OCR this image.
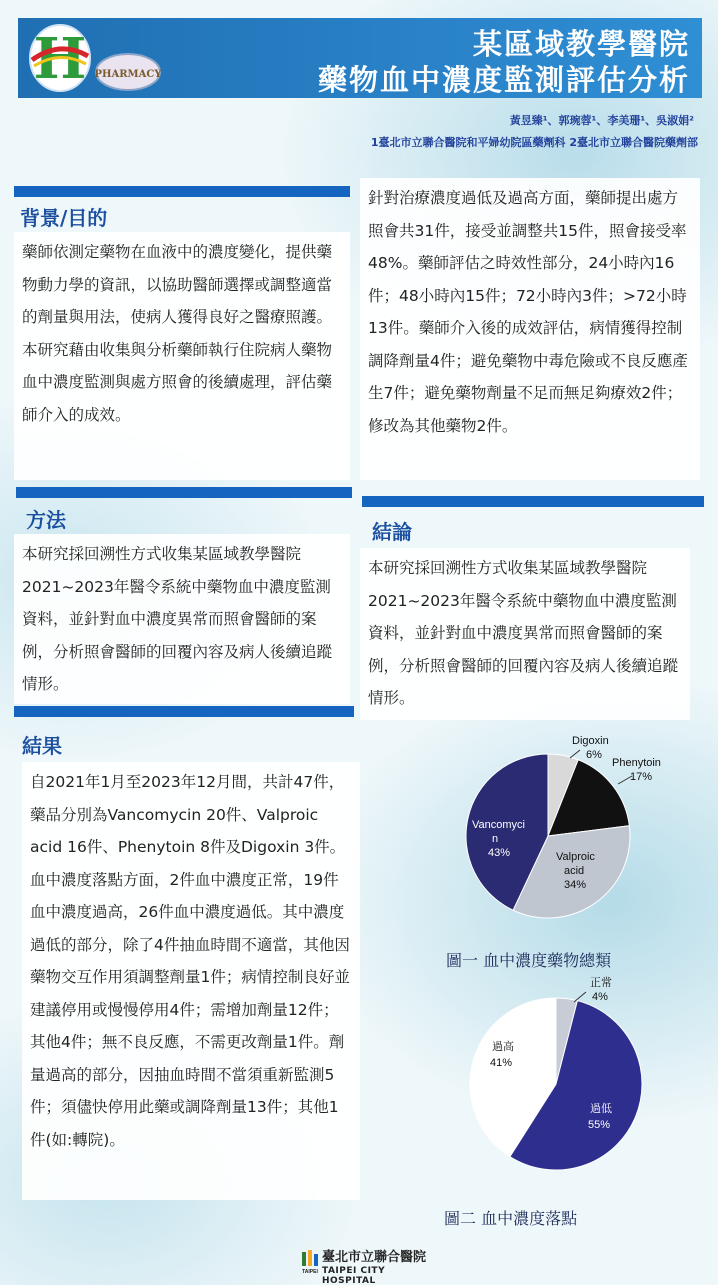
H PHARMACY
某區域教學醫院
藥物血中濃度監測評估分析
黃昱臻¹、郭琬蓉¹、李美珊¹、吳淑娟²
1臺北市立聯合醫院和平婦幼院區藥劑科 2臺北市立聯合醫院藥劑部
背景/目的
藥師依測定藥物在血液中的濃度變化，提供藥物動力學的資訊，以協助醫師選擇或調整適當的劑量與用法，使病人獲得良好之醫療照護。本研究藉由收集與分析藥師執行住院病人藥物血中濃度監測與處方照會的後續處理，評估藥師介入的成效。
方法
本研究採回溯性方式收集某區域教學醫院2021~2023年醫令系統中藥物血中濃度監測資料，並針對血中濃度異常而照會醫師的案例，分析照會醫師的回覆內容及病人後續追蹤情形。
結果
自2021年1月至2023年12月間，共計47件，藥品分別為Vancomycin 20件、Valproic acid 16件、Phenytoin 8件及Digoxin 3件。血中濃度落點方面，2件血中濃度正常，19件血中濃度過高，26件血中濃度過低。其中濃度過低的部分，除了4件抽血時間不適當，其他因藥物交互作用須調整劑量1件；病情控制良好並建議停用或慢慢停用4件；需增加劑量12件；其他4件；無不良反應，不需更改劑量1件。劑量過高的部分，因抽血時間不當須重新監測5件；須儘快停用此藥或調降劑量13件；其他1件(如:轉院)。
針對治療濃度過低及過高方面，藥師提出處方照會共31件，接受並調整共15件，照會接受率48%。藥師評估之時效性部分，24小時內16件；48小時內15件；72小時內3件；>72小時13件。藥師介入後的成效評估，病情獲得控制調降劑量4件；避免藥物中毒危險或不良反應產生7件；避免藥物劑量不足而無足夠療效2件；修改為其他藥物2件。
結論
本研究採回溯性方式收集某區域教學醫院2021~2023年醫令系統中藥物血中濃度監測資料，並針對血中濃度異常而照會醫師的案例，分析照會醫師的回覆內容及病人後續追蹤情形。
Digoxin
6%
Phenytoin
17%
Valproic
acid
34%
Vancomyci
n
43%
圖一 血中濃度藥物總類
正常
4%
過高
41%
過低
55%
圖二 血中濃度落點
TAIPEI
臺北市立聯合醫院
TAIPEI CITY HOSPITAL
